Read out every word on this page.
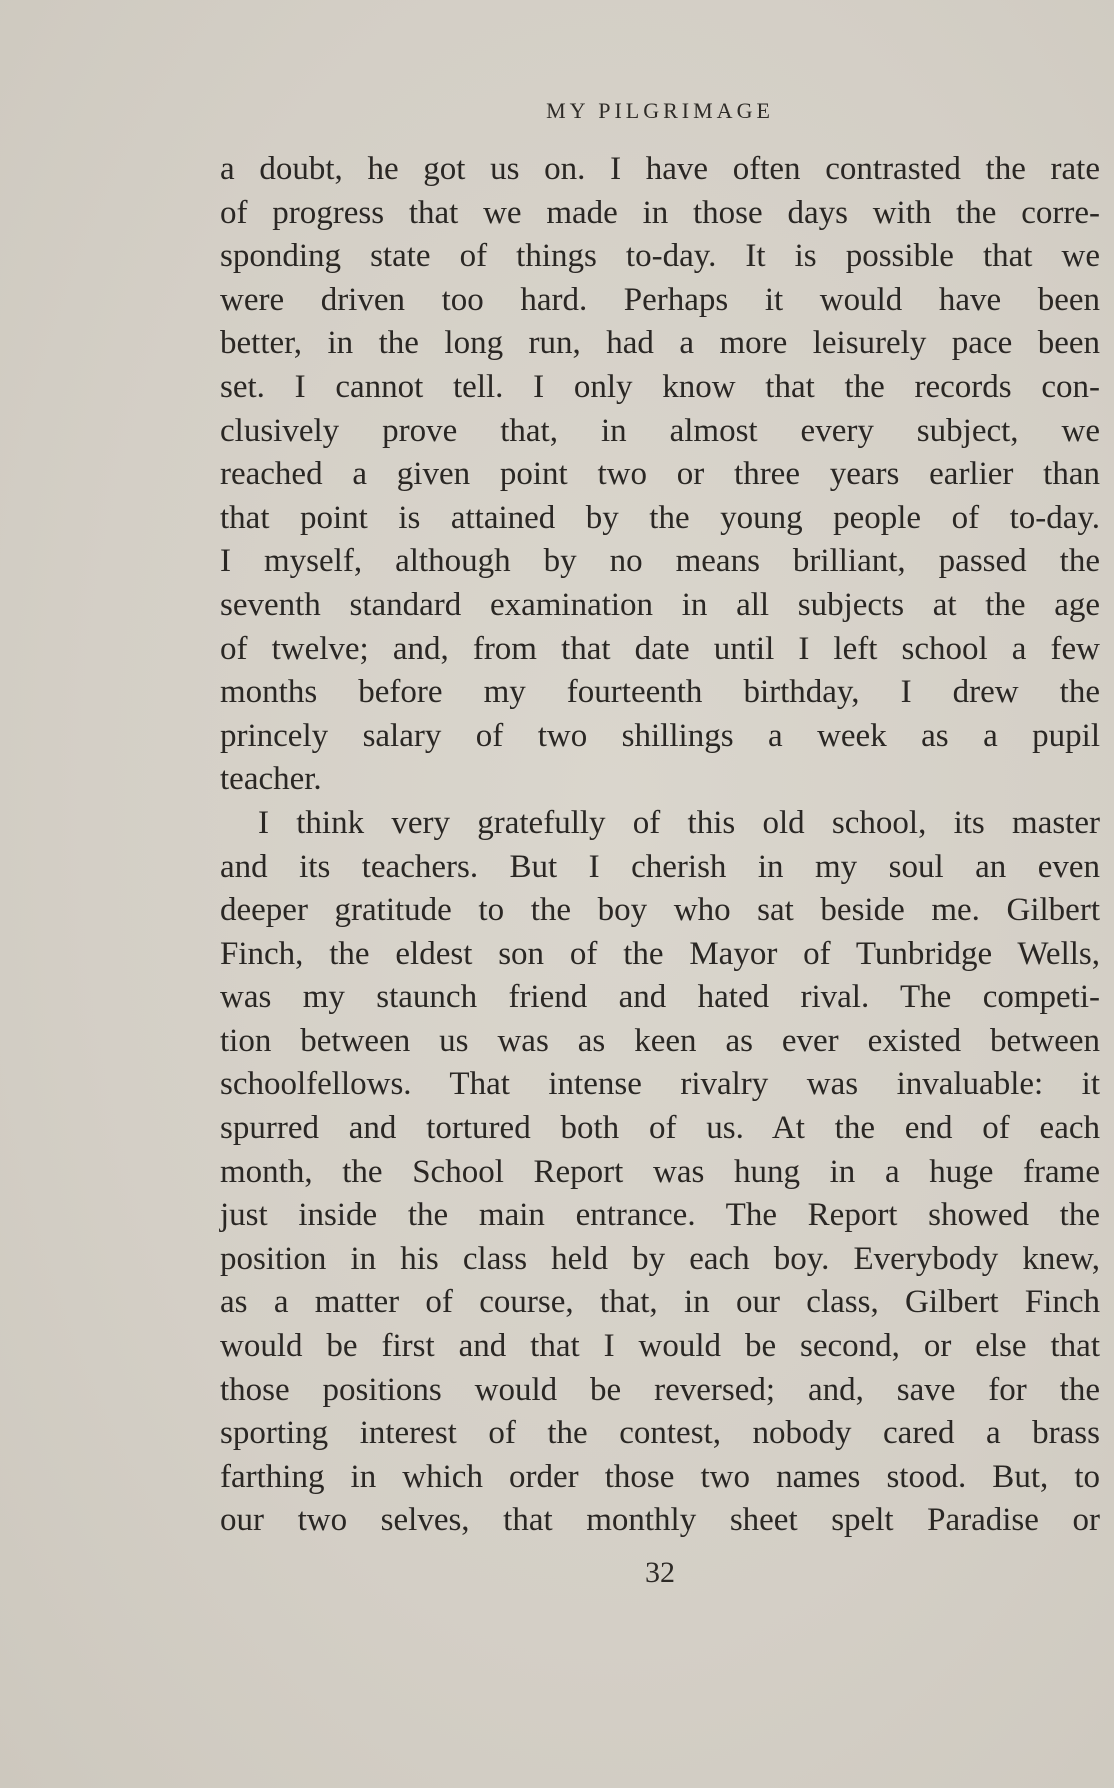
MY PILGRIMAGE
a doubt, he got us on. I have often contrasted the rate
of progress that we made in those days with the corre-
sponding state of things to-day. It is possible that we
were driven too hard. Perhaps it would have been
better, in the long run, had a more leisurely pace been
set. I cannot tell. I only know that the records con-
clusively prove that, in almost every subject, we
reached a given point two or three years earlier than
that point is attained by the young people of to-day.
I myself, although by no means brilliant, passed the
seventh standard examination in all subjects at the age
of twelve; and, from that date until I left school a few
months before my fourteenth birthday, I drew the
princely salary of two shillings a week as a pupil
teacher.
I think very gratefully of this old school, its master
and its teachers. But I cherish in my soul an even
deeper gratitude to the boy who sat beside me. Gilbert
Finch, the eldest son of the Mayor of Tunbridge Wells,
was my staunch friend and hated rival. The competi-
tion between us was as keen as ever existed between
schoolfellows. That intense rivalry was invaluable: it
spurred and tortured both of us. At the end of each
month, the School Report was hung in a huge frame
just inside the main entrance. The Report showed the
position in his class held by each boy. Everybody knew,
as a matter of course, that, in our class, Gilbert Finch
would be first and that I would be second, or else that
those positions would be reversed; and, save for the
sporting interest of the contest, nobody cared a brass
farthing in which order those two names stood. But, to
our two selves, that monthly sheet spelt Paradise or
32
